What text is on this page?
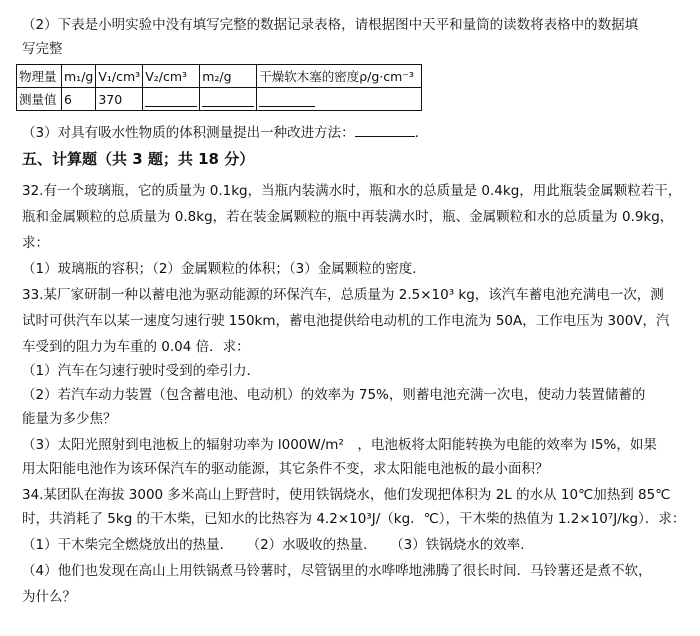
（2）下表是小明实验中没有填写完整的数据记录表格，请根据图中天平和量筒的读数将表格中的数据填
写完整
物理量	m₁/g	V₁/cm³	V₂/cm³	m₂/g	干燥软木塞的密度ρ/g·cm⁻³
测量值	6	370	

（3）对具有吸水性物质的体积测量提出一种改进方法：	.
五、计算题（共 3 题；共 18 分）
32.有一个玻璃瓶，它的质量为 0.1kg，当瓶内装满水时，瓶和水的总质量是 0.4kg，用此瓶装金属颗粒若干，
瓶和金属颗粒的总质量为 0.8kg，若在装金属颗粒的瓶中再装满水时，瓶、金属颗粒和水的总质量为 0.9kg，
求：
（1）玻璃瓶的容积；（2）金属颗粒的体积；（3）金属颗粒的密度．
33.某厂家研制一种以蓄电池为驱动能源的环保汽车，总质量为 2.5×10³ kg，该汽车蓄电池充满电一次，测
试时可供汽车以某一速度匀速行驶 150km，蓄电池提供给电动机的工作电流为 50A，工作电压为 300V，汽
车受到的阻力为车重的 0.04 倍．求：
（1）汽车在匀速行驶时受到的牵引力．
（2）若汽车动力装置（包含蓄电池、电动机）的效率为 75%，则蓄电池充满一次电，使动力装置储蓄的
能量为多少焦？
（3）太阳光照射到电池板上的辐射功率为 l000W/m²　，电池板将太阳能转换为电能的效率为 l5%，如果
用太阳能电池作为该环保汽车的驱动能源，其它条件不变，求太阳能电池板的最小面积？
34.某团队在海拔 3000 多米高山上野营时，使用铁锅烧水，他们发现把体积为 2L 的水从 10℃加热到 85℃
时，共消耗了 5kg 的干木柴，已知水的比热容为 4.2×10³J/（kg．℃），干木柴的热值为 1.2×10⁷J/kg）．求：
（1）干木柴完全燃烧放出的热量．　　（2）水吸收的热量．　　（3）铁锅烧水的效率．
（4）他们也发现在高山上用铁锅煮马铃薯时，尽管锅里的水哗哗地沸腾了很长时间．马铃薯还是煮不软，
为什么？
